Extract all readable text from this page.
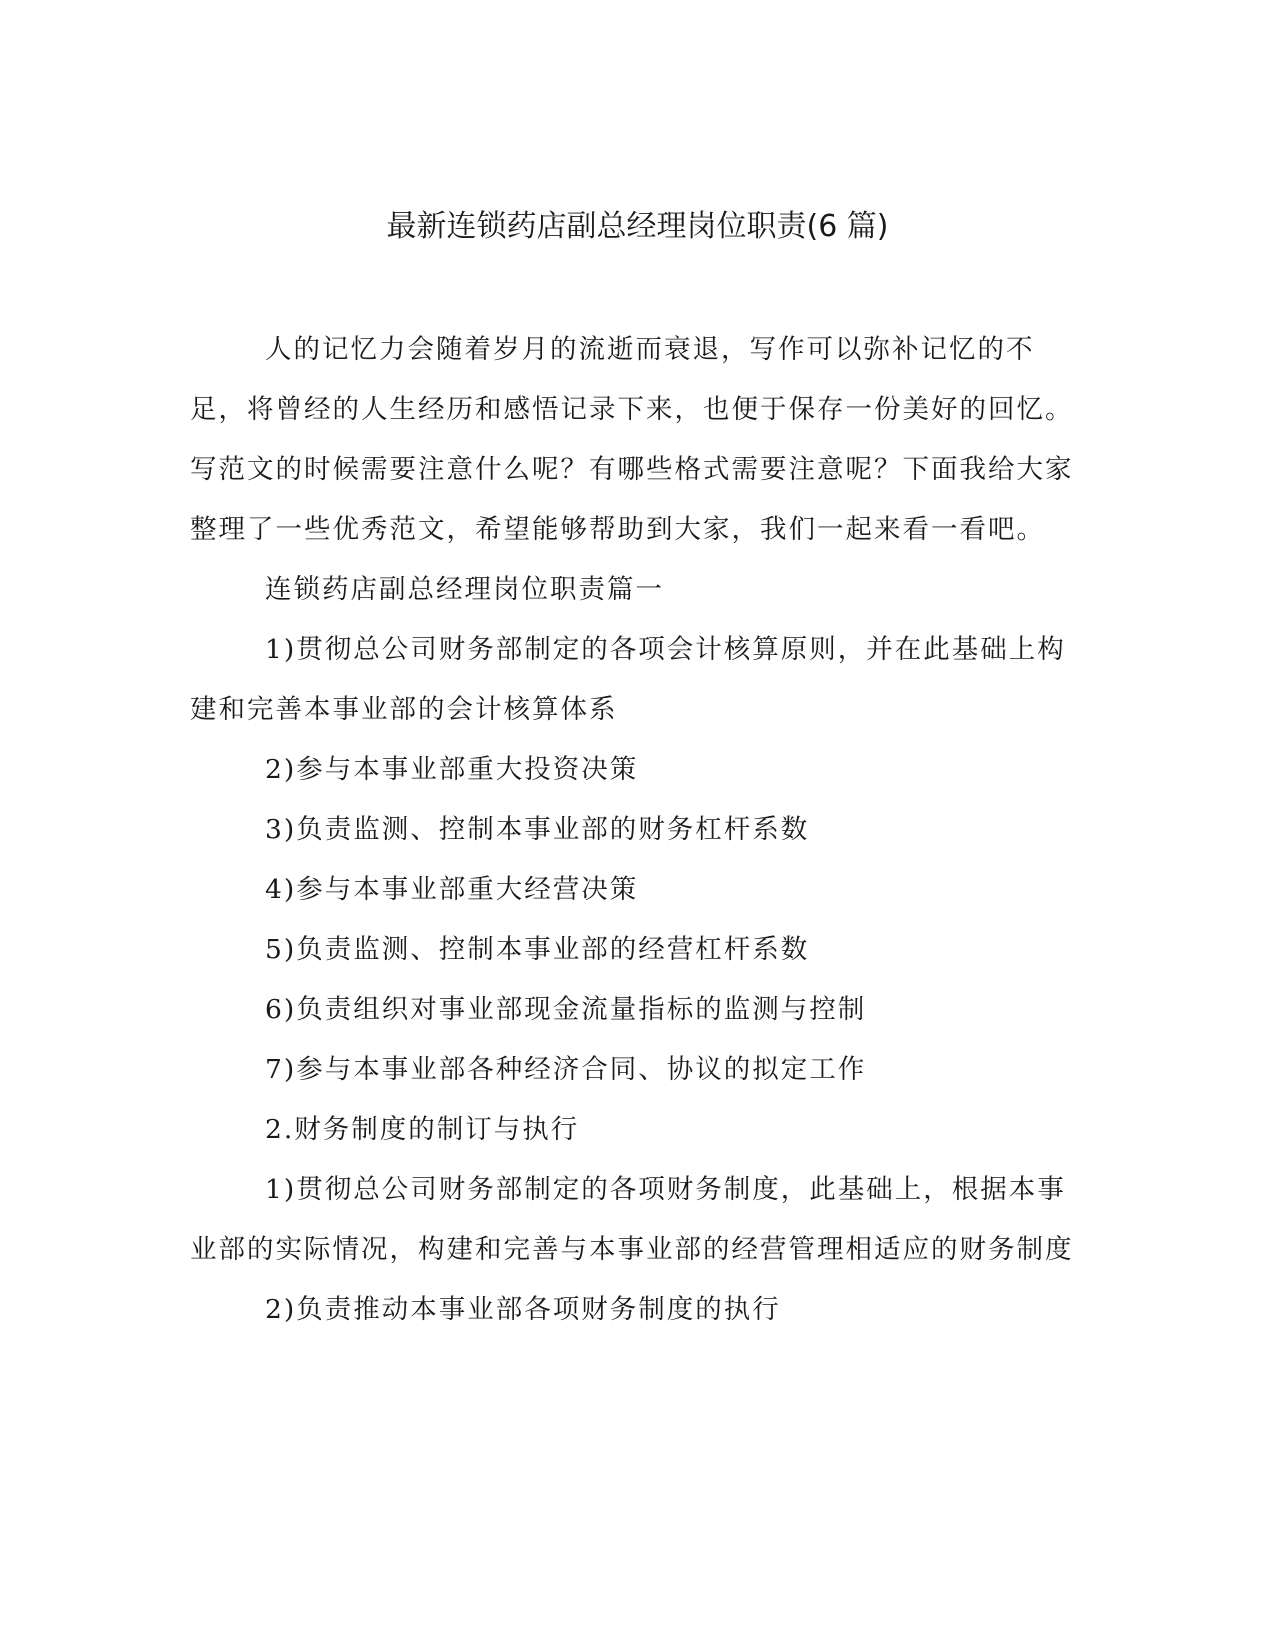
最新连锁药店副总经理岗位职责(6 篇)

人的记忆力会随着岁月的流逝而衰退，写作可以弥补记忆的不足，将曾经的人生经历和感悟记录下来，也便于保存一份美好的回忆。写范文的时候需要注意什么呢？有哪些格式需要注意呢？下面我给大家整理了一些优秀范文，希望能够帮助到大家，我们一起来看一看吧。

连锁药店副总经理岗位职责篇一

1)贯彻总公司财务部制定的各项会计核算原则，并在此基础上构建和完善本事业部的会计核算体系

2)参与本事业部重大投资决策

3)负责监测、控制本事业部的财务杠杆系数

4)参与本事业部重大经营决策

5)负责监测、控制本事业部的经营杠杆系数

6)负责组织对事业部现金流量指标的监测与控制

7)参与本事业部各种经济合同、协议的拟定工作

2.财务制度的制订与执行

1)贯彻总公司财务部制定的各项财务制度，此基础上，根据本事业部的实际情况，构建和完善与本事业部的经营管理相适应的财务制度

2)负责推动本事业部各项财务制度的执行
